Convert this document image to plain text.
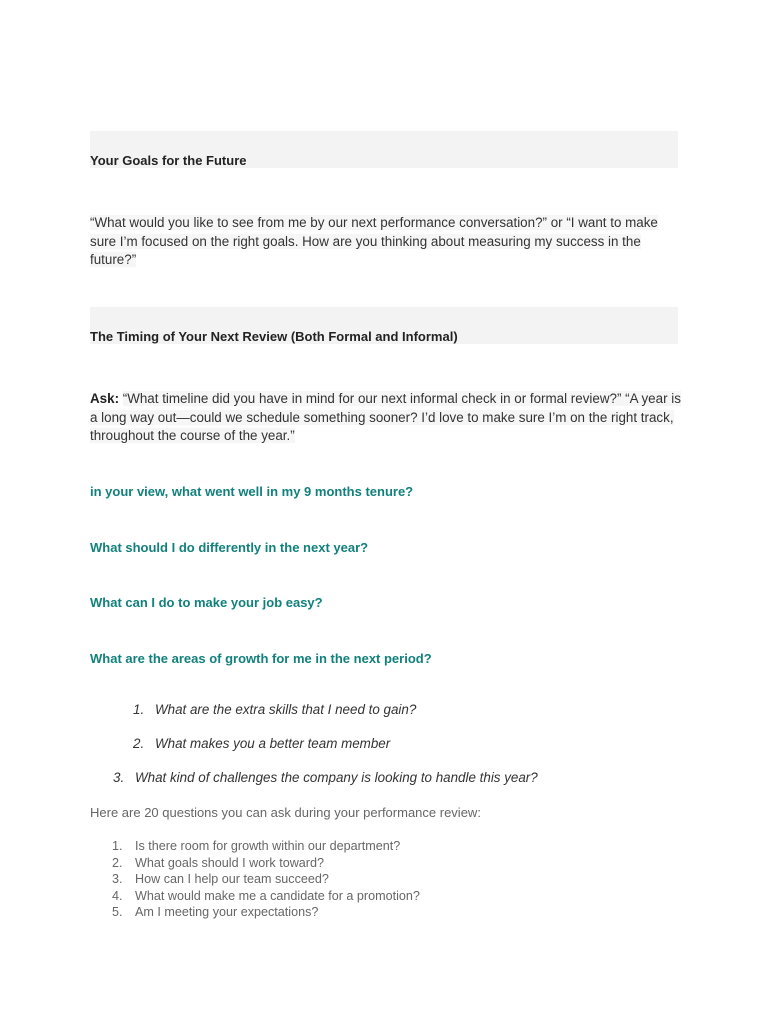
Your Goals for the Future
“What would you like to see from me by our next performance conversation?” or “I want to make sure I’m focused on the right goals. How are you thinking about measuring my success in the future?”
The Timing of Your Next Review (Both Formal and Informal)
Ask: “What timeline did you have in mind for our next informal check in or formal review?” “A year is a long way out—could we schedule something sooner? I’d love to make sure I’m on the right track, throughout the course of the year.”
in your view, what went well in my 9 months tenure?
What should I do differently in the next year?
What can I do to make your job easy?
What are the areas of growth for me in the next period?
1. What are the extra skills that I need to gain?
2. What makes you a better team member
3. What kind of challenges the company is looking to handle this year?
Here are 20 questions you can ask during your performance review:
1. Is there room for growth within our department?
2. What goals should I work toward?
3. How can I help our team succeed?
4. What would make me a candidate for a promotion?
5. Am I meeting your expectations?
